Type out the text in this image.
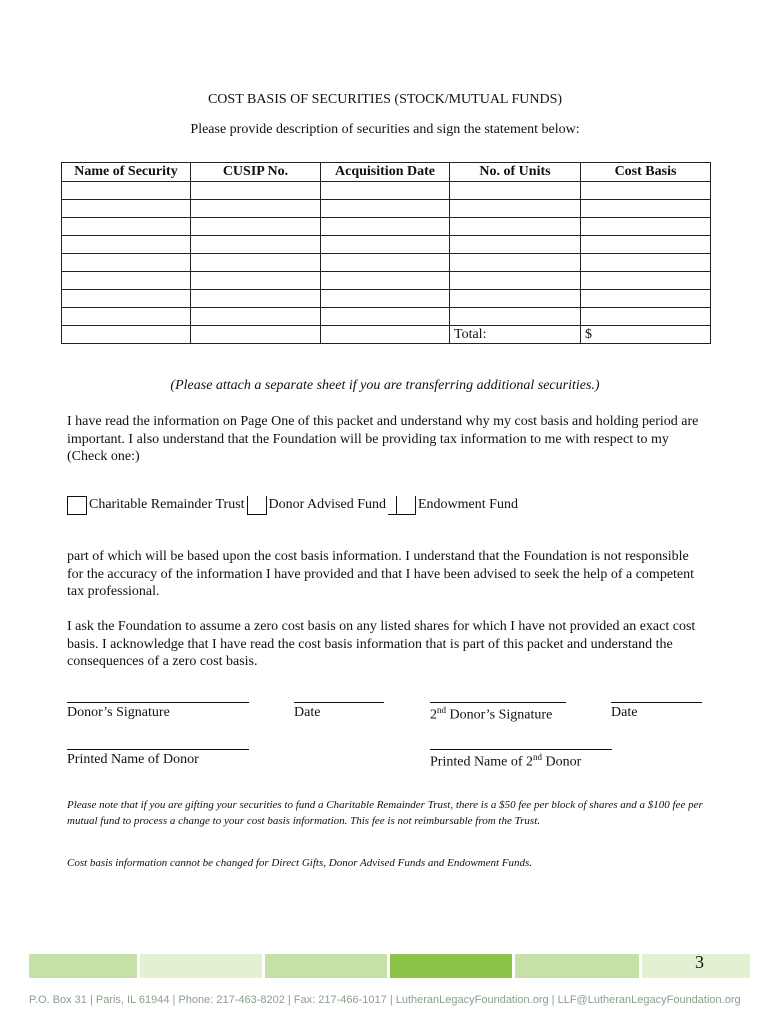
COST BASIS OF SECURITIES (STOCK/MUTUAL FUNDS)
Please provide description of securities and sign the statement below:
Name of Security	CUSIP No.	Acquisition Date	No. of Units	Cost Basis

			Total:	$
(Please attach a separate sheet if you are transferring additional securities.)
I have read the information on Page One of this packet and understand why my cost basis and holding period are important. I also understand that the Foundation will be providing tax information to me with respect to my (Check one:)
Charitable Remainder Trust Donor Advised Fund Endowment Fund
part of which will be based upon the cost basis information. I understand that the Foundation is not responsible for the accuracy of the information I have provided and that I have been advised to seek the help of a competent tax professional.
I ask the Foundation to assume a zero cost basis on any listed shares for which I have not provided an exact cost basis. I acknowledge that I have read the cost basis information that is part of this packet and understand the consequences of a zero cost basis.
Donor’s Signature	Date	2nd Donor’s Signature	Date
Printed Name of Donor	Printed Name of 2nd Donor
Please note that if you are gifting your securities to fund a Charitable Remainder Trust, there is a $50 fee per block of shares and a $100 fee per mutual fund to process a change to your cost basis information. This fee is not reimbursable from the Trust.
Cost basis information cannot be changed for Direct Gifts, Donor Advised Funds and Endowment Funds.
3
P.O. Box 31 | Paris, IL 61944 | Phone: 217-463-8202 | Fax: 217-466-1017 | LutheranLegacyFoundation.org | LLF@LutheranLegacyFoundation.org
